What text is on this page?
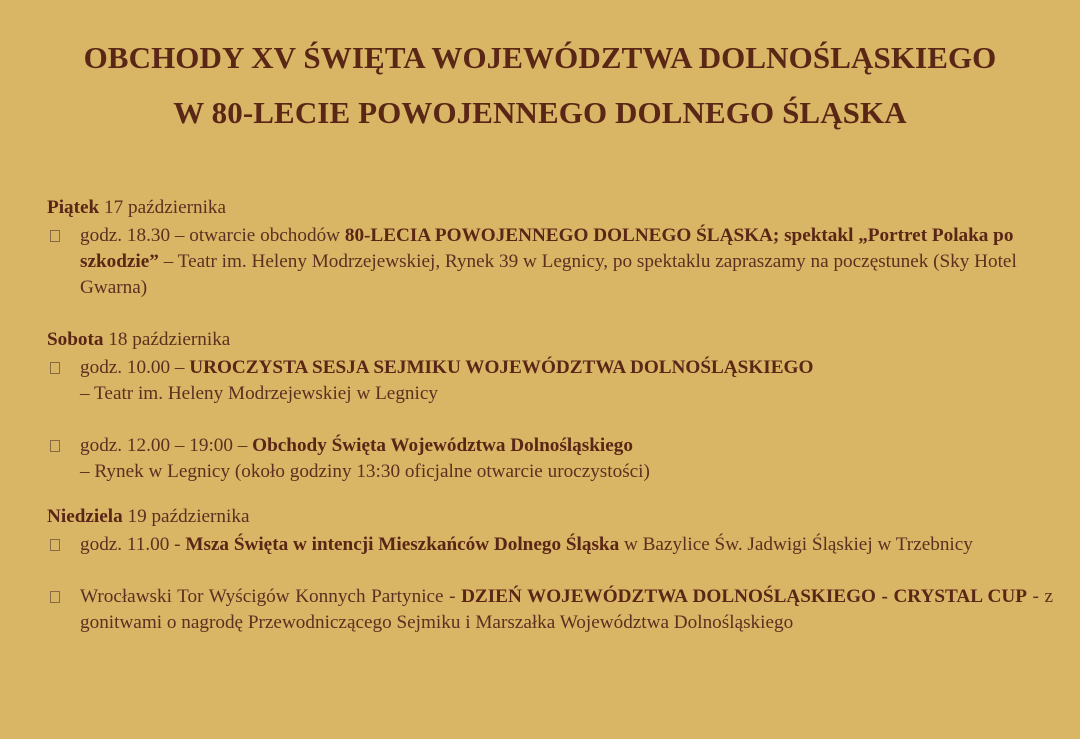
OBCHODY XV ŚWIĘTA WOJEWÓDZTWA DOLNOŚLĄSKIEGO
W 80-LECIE POWOJENNEGO DOLNEGO ŚLĄSKA
Piątek 17 października
godz. 18.30 – otwarcie obchodów 80-LECIA POWOJENNEGO DOLNEGO ŚLĄSKA; spektakl „Portret Polaka po szkodzie” – Teatr im. Heleny Modrzejewskiej, Rynek 39 w Legnicy, po spektaklu zapraszamy na poczęstunek (Sky Hotel Gwarna)
Sobota 18 października
godz. 10.00 – UROCZYSTA SESJA SEJMIKU WOJEWÓDZTWA DOLNOŚLĄSKIEGO
– Teatr im. Heleny Modrzejewskiej w Legnicy
godz. 12.00 – 19:00 – Obchody Święta Województwa Dolnośląskiego
– Rynek w Legnicy (około godziny 13:30 oficjalne otwarcie uroczystości)
Niedziela 19 października
godz. 11.00 - Msza Święta w intencji Mieszkańców Dolnego Śląska w Bazylice Św. Jadwigi Śląskiej w Trzebnicy
Wrocławski Tor Wyścigów Konnych Partynice - DZIEŃ WOJEWÓDZTWA DOLNOŚLĄSKIEGO - CRYSTAL CUP - z gonitwami o nagrodę Przewodniczącego Sejmiku i Marszałka Województwa Dolnośląskiego
